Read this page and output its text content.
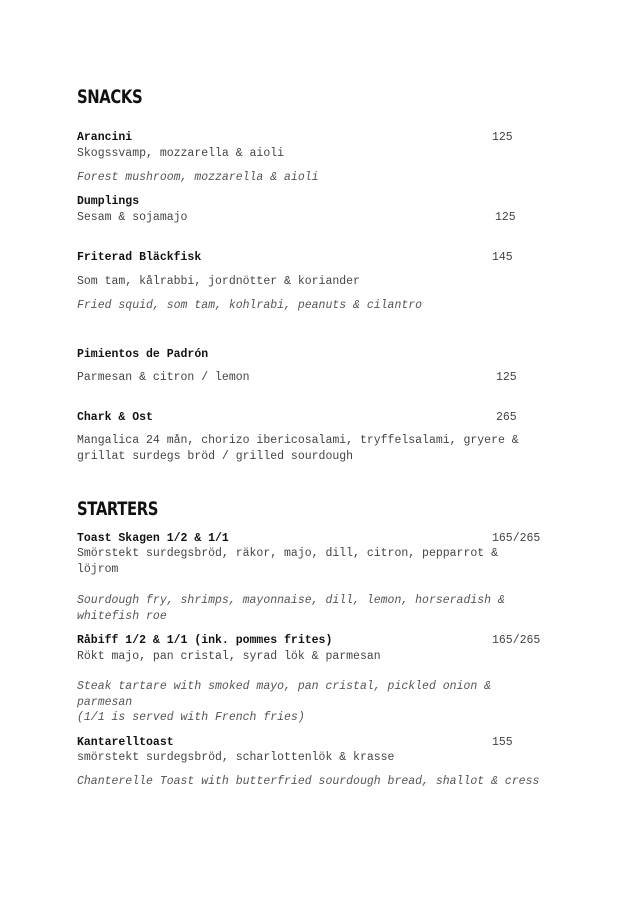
SNACKS
Arancini	125
Skogssvamp, mozzarella & aioli
Forest mushroom, mozzarella & aioli
Dumplings
Sesam & sojamajo	125
Friterad Bläckfisk	145
Som tam, kålrabbi, jordnötter & koriander
Fried squid, som tam, kohlrabi, peanuts & cilantro
Pimientos de Padrón
Parmesan & citron / lemon	125
Chark & Ost	265
Mangalica 24 mån, chorizo ibericosalami, tryffelsalami, gryere & grillat surdegs bröd / grilled sourdough
STARTERS
Toast Skagen 1/2 & 1/1	165/265
Smörstekt surdegsbröd, räkor, majo, dill, citron, pepparrot & löjrom
Sourdough fry, shrimps, mayonnaise, dill, lemon, horseradish & whitefish roe
Råbiff 1/2 & 1/1 (ink. pommes frites)	165/265
Rökt majo, pan cristal, syrad lök & parmesan
Steak tartare with smoked mayo, pan cristal, pickled onion & parmesan
(1/1 is served with French fries)
Kantarelltoast	155
smörstekt surdegsbröd, scharlottenlök & krasse
Chanterelle Toast with butterfried sourdough bread, shallot & cress
